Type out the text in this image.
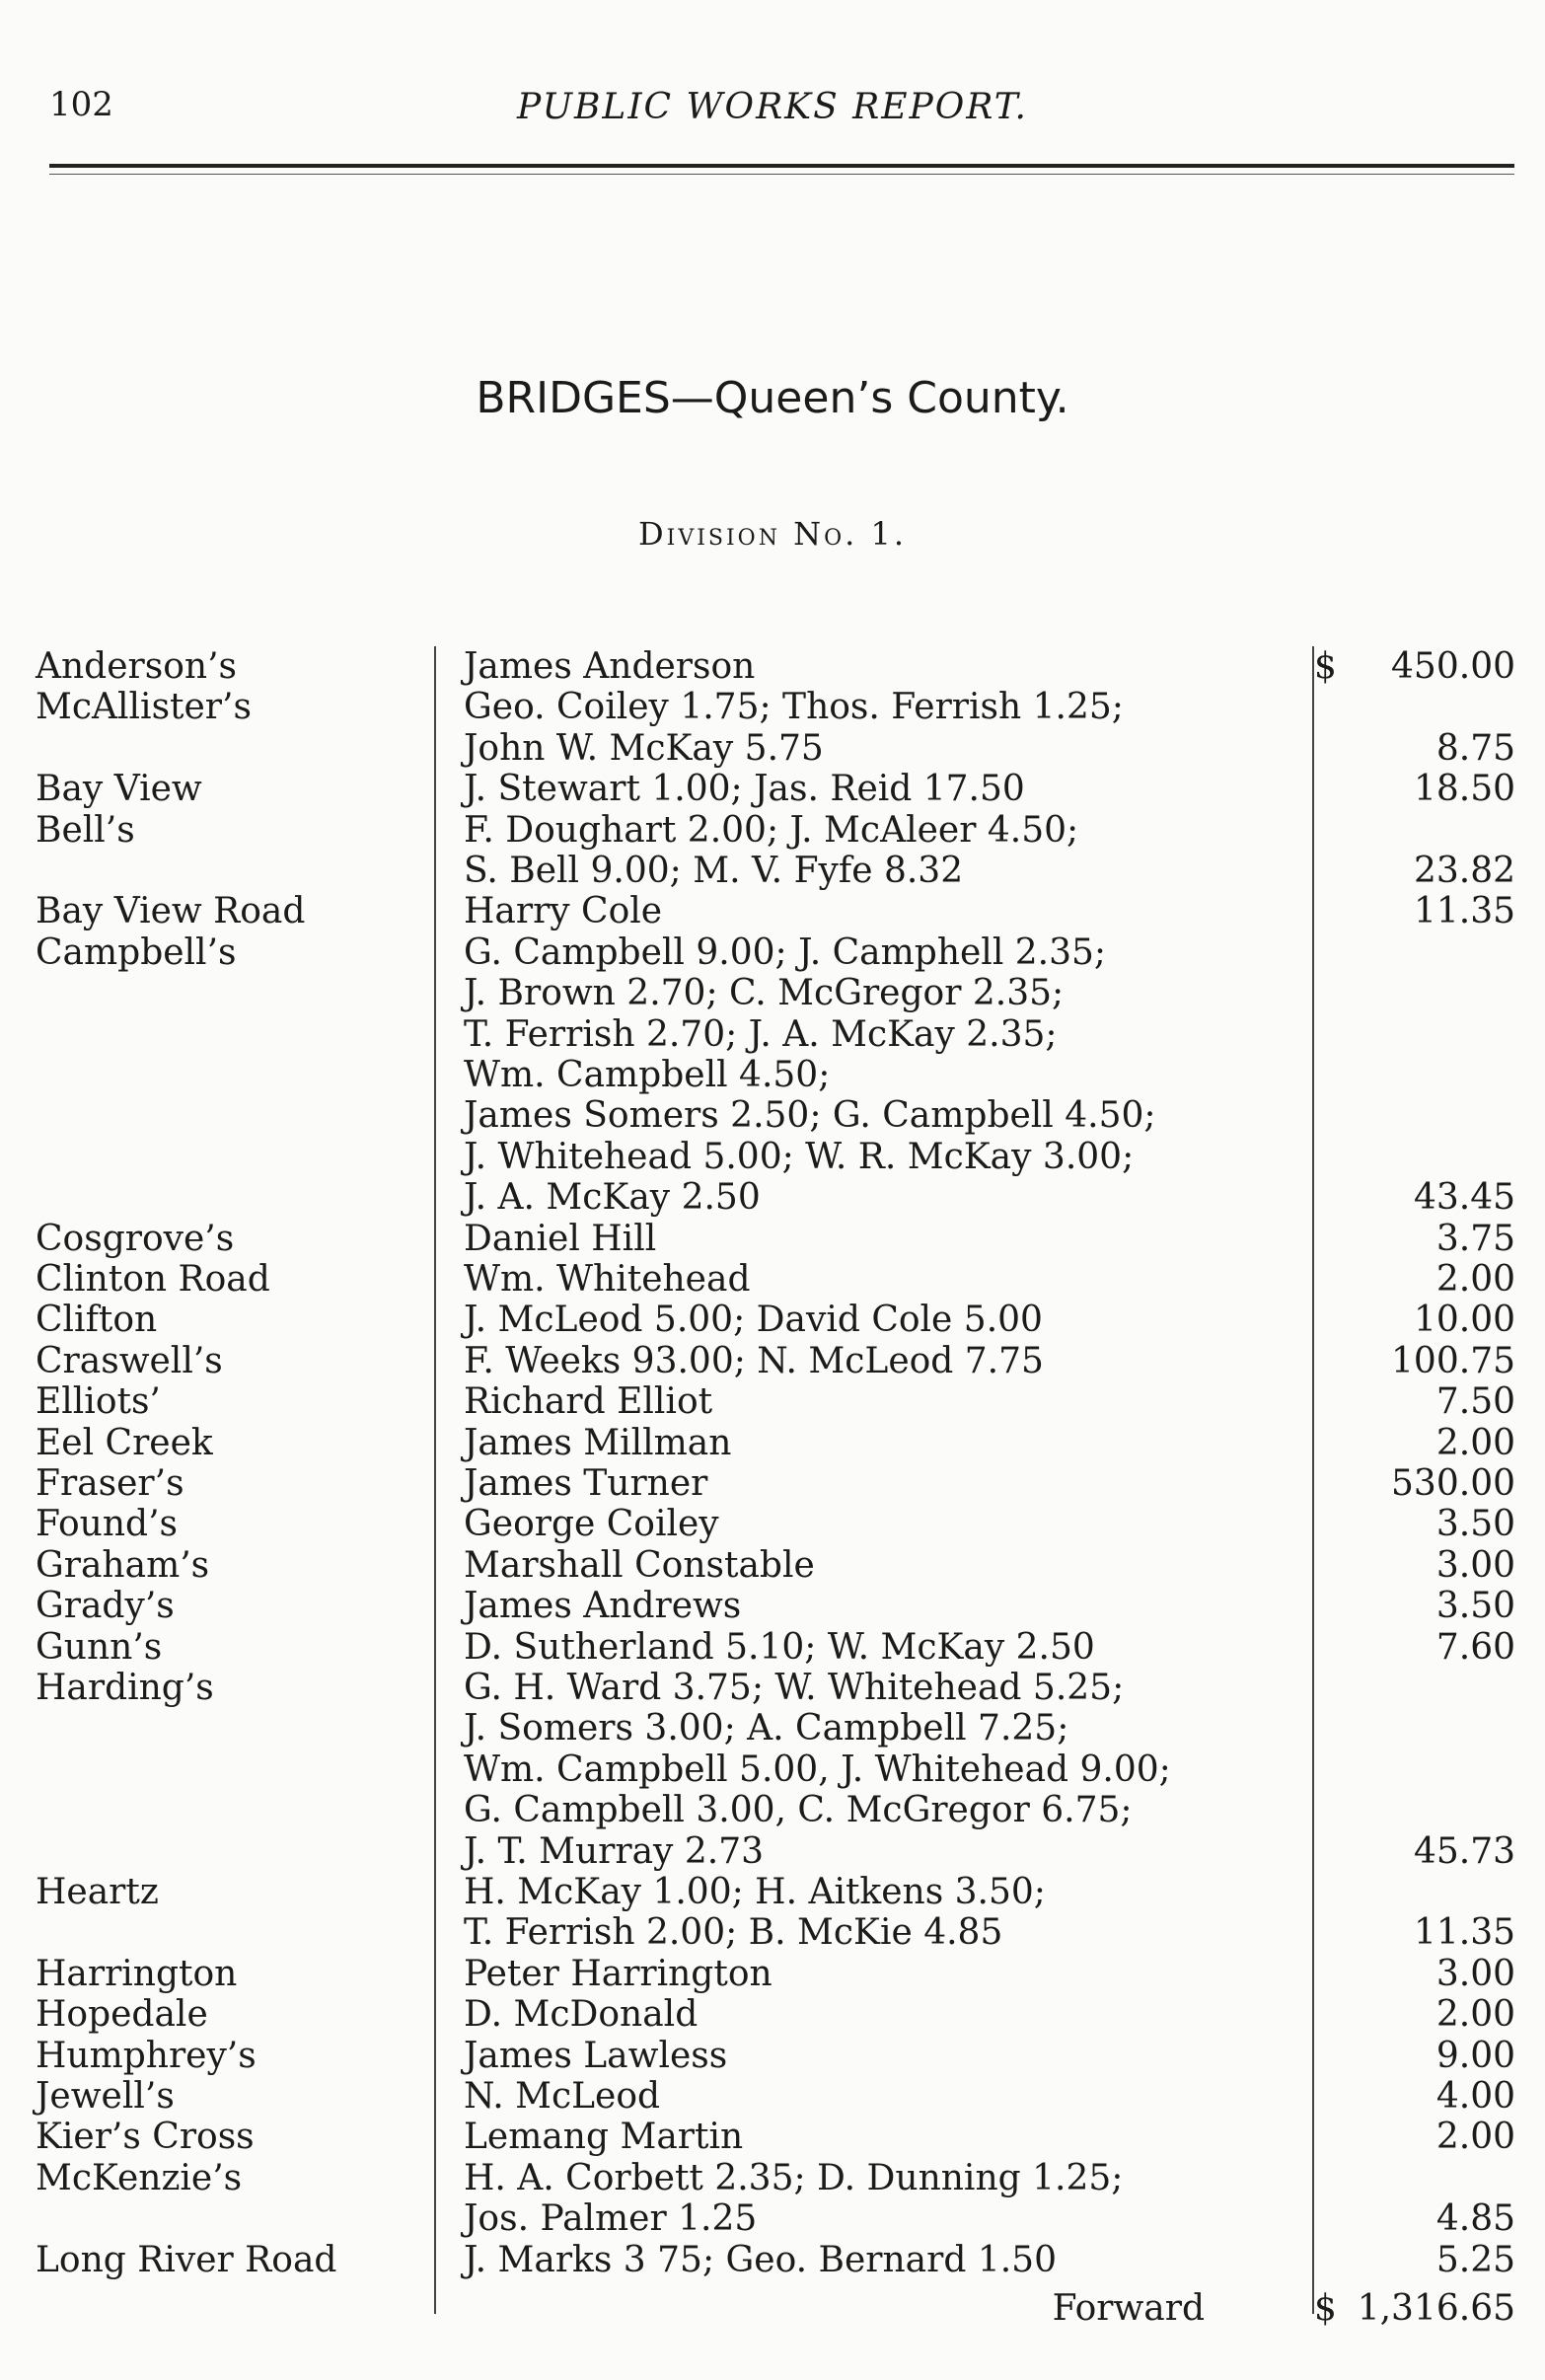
102	PUBLIC WORKS REPORT.
BRIDGES—Queen’s County.
Division No. 1.
Anderson’s	James Anderson	$	450.00
McAllister’s	Geo. Coiley 1.75; Thos. Ferrish 1.25;
John W. McKay 5.75	8.75
Bay View	J. Stewart 1.00; Jas. Reid 17.50	18.50
Bell’s	F. Doughart 2.00; J. McAleer 4.50;
S. Bell 9.00; M. V. Fyfe 8.32	23.82
Bay View Road	Harry Cole	11.35
Campbell’s	G. Campbell 9.00; J. Camphell 2.35;
J. Brown 2.70; C. McGregor 2.35;
T. Ferrish 2.70; J. A. McKay 2.35;
Wm. Campbell 4.50;
James Somers 2.50; G. Campbell 4.50;
J. Whitehead 5.00; W. R. McKay 3.00;
J. A. McKay 2.50	43.45
Cosgrove’s	Daniel Hill	3.75
Clinton Road	Wm. Whitehead	2.00
Clifton	J. McLeod 5.00; David Cole 5.00	10.00
Craswell’s	F. Weeks 93.00; N. McLeod 7.75	100.75
Elliots’	Richard Elliot	7.50
Eel Creek	James Millman	2.00
Fraser’s	James Turner	530.00
Found’s	George Coiley	3.50
Graham’s	Marshall Constable	3.00
Grady’s	James Andrews	3.50
Gunn’s	D. Sutherland 5.10; W. McKay 2.50	7.60
Harding’s	G. H. Ward 3.75; W. Whitehead 5.25;
J. Somers 3.00; A. Campbell 7.25;
Wm. Campbell 5.00, J. Whitehead 9.00;
G. Campbell 3.00, C. McGregor 6.75;
J. T. Murray 2.73	45.73
Heartz	H. McKay 1.00; H. Aitkens 3.50;
T. Ferrish 2.00; B. McKie 4.85	11.35
Harrington	Peter Harrington	3.00
Hopedale	D. McDonald	2.00
Humphrey’s	James Lawless	9.00
Jewell’s	N. McLeod	4.00
Kier’s Cross	Lemang Martin	2.00
McKenzie’s	H. A. Corbett 2.35; D. Dunning 1.25;
Jos. Palmer 1.25	4.85
Long River Road	J. Marks 3 75; Geo. Bernard 1.50	5.25
Forward	$ 1,316.65
